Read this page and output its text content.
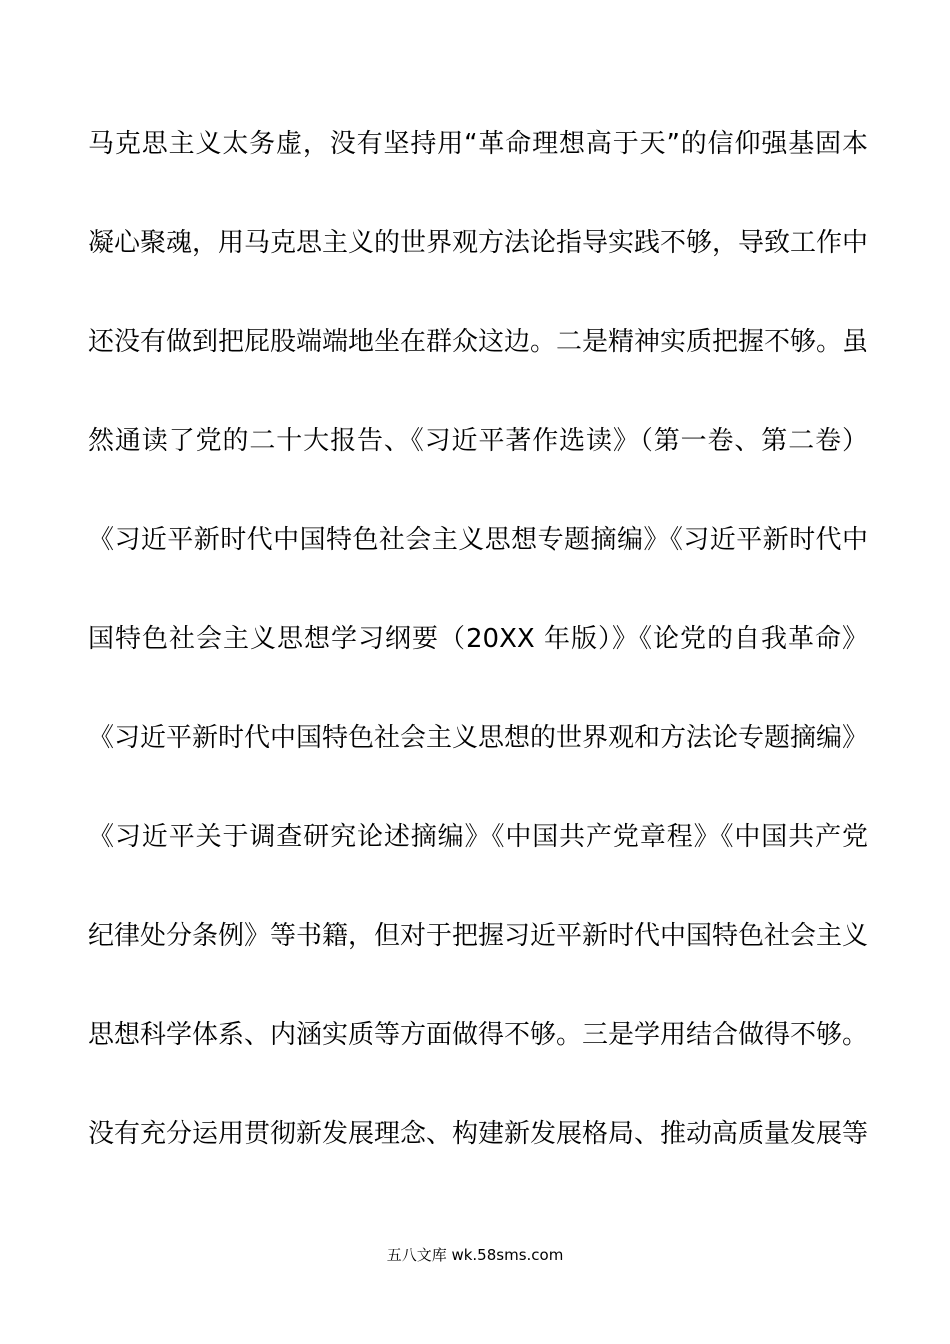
马克思主义太务虚，没有坚持用“革命理想高于天”的信仰强基固本
凝心聚魂，用马克思主义的世界观方法论指导实践不够，导致工作中
还没有做到把屁股端端地坐在群众这边。二是精神实质把握不够。虽
然通读了党的二十大报告、《习近平著作选读》（第一卷、第二卷）
《习近平新时代中国特色社会主义思想专题摘编》《习近平新时代中
国特色社会主义思想学习纲要（20XX 年版）》《论党的自我革命》
《习近平新时代中国特色社会主义思想的世界观和方法论专题摘编》
《习近平关于调查研究论述摘编》《中国共产党章程》《中国共产党
纪律处分条例》等书籍，但对于把握习近平新时代中国特色社会主义
思想科学体系、内涵实质等方面做得不够。三是学用结合做得不够。
没有充分运用贯彻新发展理念、构建新发展格局、推动高质量发展等
五八文库 wk.58sms.com
